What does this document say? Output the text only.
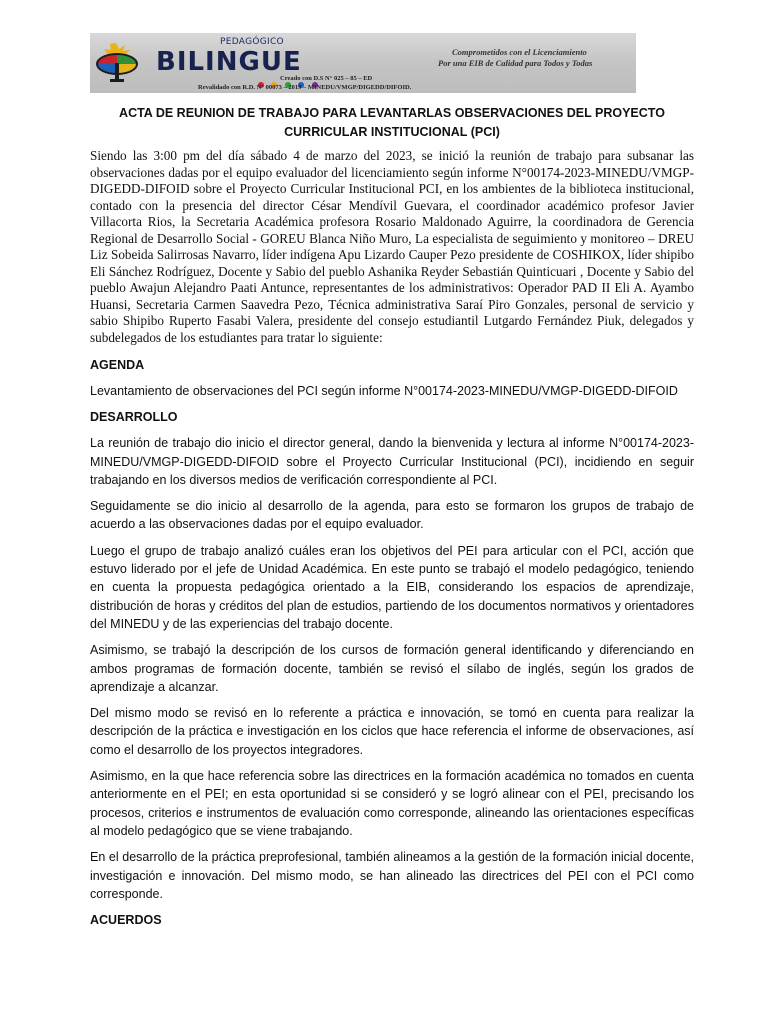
PEDAGÓGICO
BILINGUE

Creado con D.S N° 025 – 85 – ED
Revalidado con R.D. N° 00073 – 2019 – MINEDU/VMGP/DIGEDD/DIFOID.
Comprometidos con el Licenciamiento
Por una EIB de Calidad para Todos y Todas
ACTA DE REUNION DE TRABAJO PARA LEVANTARLAS OBSERVACIONES DEL PROYECTO CURRICULAR INSTITUCIONAL (PCI)

Siendo las 3:00 pm del día sábado 4 de marzo del 2023, se inició la reunión de trabajo para subsanar las observaciones dadas por el equipo evaluador del licenciamiento según informe N°00174-2023-MINEDU/VMGP-DIGEDD-DIFOID sobre el Proyecto Curricular Institucional PCI, en los ambientes de la biblioteca institucional, contado con la presencia del director César Mendívil Guevara, el coordinador académico profesor Javier Villacorta Rios, la Secretaria Académica profesora Rosario Maldonado Aguirre, la coordinadora de Gerencia Regional de Desarrollo Social - GOREU Blanca Niño Muro, La especialista de seguimiento y monitoreo – DREU Liz Sobeida Salirrosas Navarro, líder indígena Apu Lizardo Cauper Pezo presidente de COSHIKOX, líder shipibo Eli Sánchez Rodríguez, Docente y Sabio del pueblo Ashanika Reyder Sebastián Quinticuari , Docente y Sabio del pueblo Awajun Alejandro Paati Antunce, representantes de los administrativos: Operador PAD II Eli A. Ayambo Huansi, Secretaria Carmen Saavedra Pezo, Técnica administrativa Saraí Piro Gonzales, personal de servicio y sabio Shipibo Ruperto Fasabi Valera, presidente del consejo estudiantil Lutgardo Fernández Piuk, delegados y subdelegados de los estudiantes para tratar lo siguiente:

AGENDA

Levantamiento de observaciones del PCI según informe N°00174-2023-MINEDU/VMGP-DIGEDD-DIFOID

DESARROLLO

La reunión de trabajo dio inicio el director general, dando la bienvenida y lectura al informe N°00174-2023-MINEDU/VMGP-DIGEDD-DIFOID sobre el Proyecto Curricular Institucional (PCI), incidiendo en seguir trabajando en los diversos medios de verificación correspondiente al PCI.

Seguidamente se dio inicio al desarrollo de la agenda, para esto se formaron los grupos de trabajo de acuerdo a las observaciones dadas por el equipo evaluador.

Luego el grupo de trabajo analizó cuáles eran los objetivos del PEI para articular con el PCI, acción que estuvo liderado por el jefe de Unidad Académica. En este punto se trabajó el modelo pedagógico, teniendo en cuenta la propuesta pedagógica orientado a la EIB, considerando los espacios de aprendizaje, distribución de horas y créditos del plan de estudios, partiendo de los documentos normativos y orientadores del MINEDU y de las experiencias del trabajo docente.

Asimismo, se trabajó la descripción de los cursos de formación general identificando y diferenciando en ambos programas de formación docente, también se revisó el sílabo de inglés, según los grados de aprendizaje a alcanzar.

Del mismo modo se revisó en lo referente a práctica e innovación, se tomó en cuenta para realizar la descripción de la práctica e investigación en los ciclos que hace referencia el informe de observaciones, así como el desarrollo de los proyectos integradores.

Asimismo, en la que hace referencia sobre las directrices en la formación académica no tomados en cuenta anteriormente en el PEI; en esta oportunidad si se consideró y se logró alinear con el PEI, precisando los procesos, criterios e instrumentos de evaluación como corresponde, alineando las orientaciones específicas al modelo pedagógico que se viene trabajando.

En el desarrollo de la práctica preprofesional, también alineamos a la gestión de la formación inicial docente, investigación e innovación. Del mismo modo, se han alineado las directrices del PEI con el PCI como corresponde.

ACUERDOS
